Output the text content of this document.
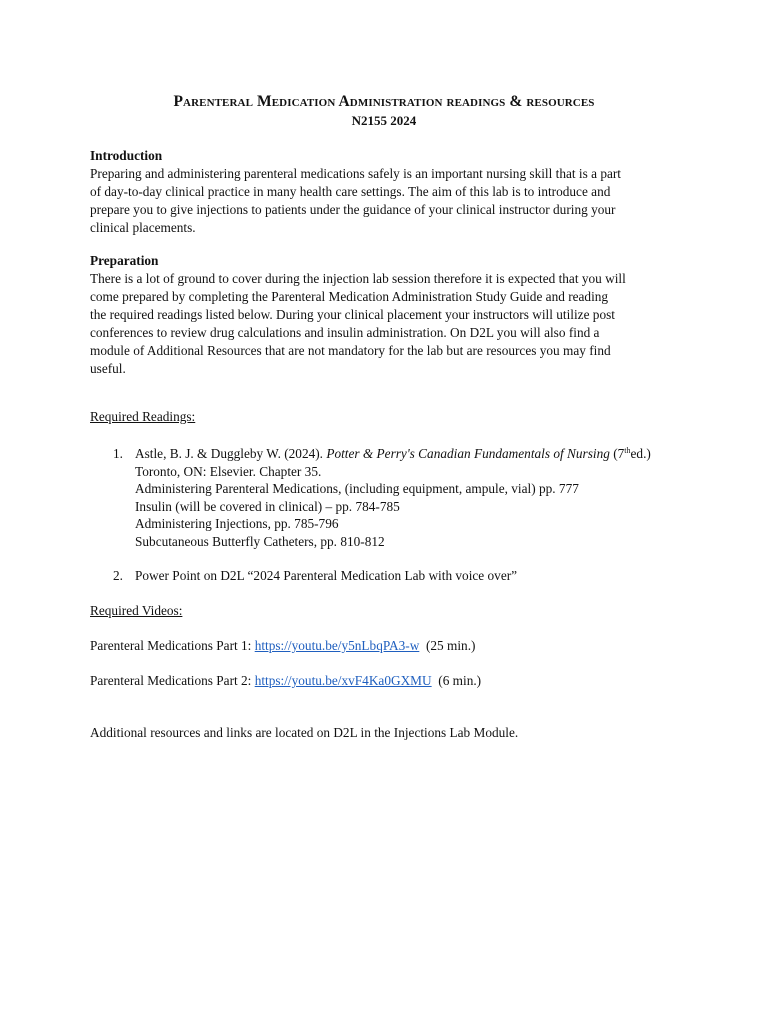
Parenteral Medication Administration readings & resources
N2155 2024
Introduction
Preparing and administering parenteral medications safely is an important nursing skill that is a part
of day-to-day clinical practice in many health care settings. The aim of this lab is to introduce and
prepare you to give injections to patients under the guidance of your clinical instructor during your
clinical placements.
Preparation
There is a lot of ground to cover during the injection lab session therefore it is expected that you will
come prepared by completing the Parenteral Medication Administration Study Guide and reading
the required readings listed below. During your clinical placement your instructors will utilize post
conferences to review drug calculations and insulin administration. On D2L you will also find a
module of Additional Resources that are not mandatory for the lab but are resources you may find
useful.
Required Readings:
1. Astle, B. J. & Duggleby W. (2024). Potter & Perry's Canadian Fundamentals of Nursing (7thed.)
Toronto, ON: Elsevier. Chapter 35.
Administering Parenteral Medications, (including equipment, ampule, vial) pp. 777
Insulin (will be covered in clinical) – pp. 784-785
Administering Injections, pp. 785-796
Subcutaneous Butterfly Catheters, pp. 810-812
2. Power Point on D2L “2024 Parenteral Medication Lab with voice over”
Required Videos:
Parenteral Medications Part 1: https://youtu.be/y5nLbqPA3-w  (25 min.)
Parenteral Medications Part 2: https://youtu.be/xvF4Ka0GXMU  (6 min.)
Additional resources and links are located on D2L in the Injections Lab Module.
